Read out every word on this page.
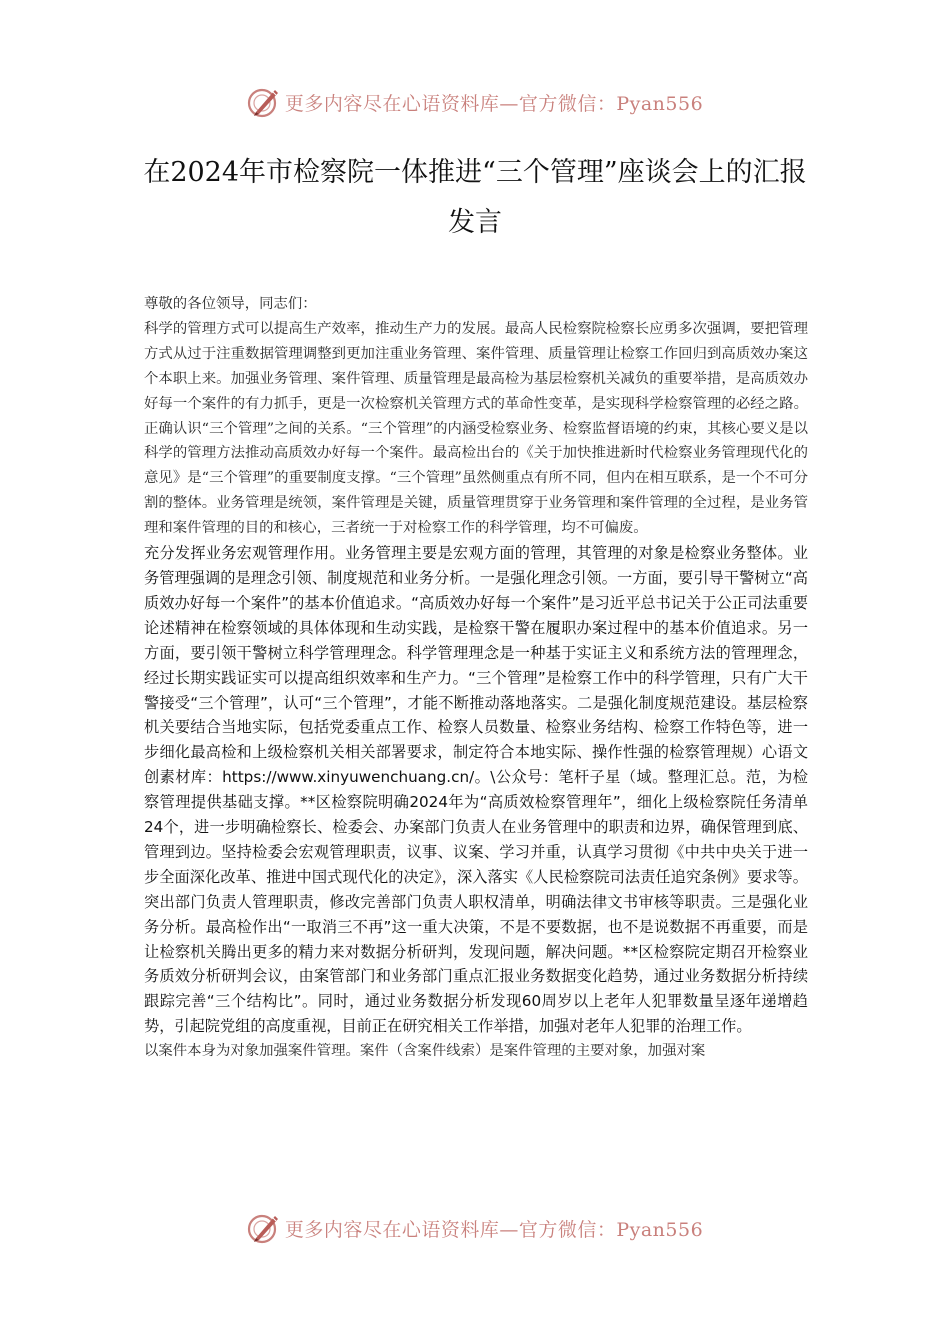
更多内容尽在心语资料库—官方微信：Pyan556
在2024年市检察院一体推进“三个管理”座谈会上的汇报发言

尊敬的各位领导，同志们：

科学的管理方式可以提高生产效率，推动生产力的发展。最高人民检察院检察长应勇多次强调，要把管理方式从过于注重数据管理调整到更加注重业务管理、案件管理、质量管理让检察工作回归到高质效办案这个本职上来。加强业务管理、案件管理、质量管理是最高检为基层检察机关减负的重要举措，是高质效办好每一个案件的有力抓手，更是一次检察机关管理方式的革命性变革，是实现科学检察管理的必经之路。正确认识“三个管理”之间的关系。“三个管理”的内涵受检察业务、检察监督语境的约束，其核心要义是以科学的管理方法推动高质效办好每一个案件。最高检出台的《关于加快推进新时代检察业务管理现代化的意见》是“三个管理”的重要制度支撑。“三个管理”虽然侧重点有所不同，但内在相互联系，是一个不可分割的整体。业务管理是统领，案件管理是关键，质量管理贯穿于业务管理和案件管理的全过程，是业务管理和案件管理的目的和核心，三者统一于对检察工作的科学管理，均不可偏废。

充分发挥业务宏观管理作用。业务管理主要是宏观方面的管理，其管理的对象是检察业务整体。业务管理强调的是理念引领、制度规范和业务分析。一是强化理念引领。一方面，要引导干警树立“高质效办好每一个案件”的基本价值追求。“高质效办好每一个案件”是习近平总书记关于公正司法重要论述精神在检察领域的具体体现和生动实践，是检察干警在履职办案过程中的基本价值追求。另一方面，要引领干警树立科学管理理念。科学管理理念是一种基于实证主义和系统方法的管理理念，经过长期实践证实可以提高组织效率和生产力。“三个管理”是检察工作中的科学管理，只有广大干警接受“三个管理”，认可“三个管理”，才能不断推动落地落实。二是强化制度规范建设。基层检察机关要结合当地实际，包括党委重点工作、检察人员数量、检察业务结构、检察工作特色等，进一步细化最高检和上级检察机关相关部署要求，制定符合本地实际、操作性强的检察管理规）心语文创素材库：https://www.xinyuwenchuang.cn/。\公众号：笔杆子星（域。整理汇总。范，为检察管理提供基础支撑。**区检察院明确2024年为“高质效检察管理年”，细化上级检察院任务清单24个，进一步明确检察长、检委会、办案部门负责人在业务管理中的职责和边界，确保管理到底、管理到边。坚持检委会宏观管理职责，议事、议案、学习并重，认真学习贯彻《中共中央关于进一步全面深化改革、推进中国式现代化的决定》，深入落实《人民检察院司法责任追究条例》要求等。突出部门负责人管理职责，修改完善部门负责人职权清单，明确法律文书审核等职责。三是强化业务分析。最高检作出“一取消三不再”这一重大决策，不是不要数据，也不是说数据不再重要，而是让检察机关腾出更多的精力来对数据分析研判，发现问题，解决问题。**区检察院定期召开检察业务质效分析研判会议，由案管部门和业务部门重点汇报业务数据变化趋势，通过业务数据分析持续跟踪完善“三个结构比”。同时，通过业务数据分析发现60周岁以上老年人犯罪数量呈逐年递增趋势，引起院党组的高度重视，目前正在研究相关工作举措，加强对老年人犯罪的治理工作。

以案件本身为对象加强案件管理。案件（含案件线索）是案件管理的主要对象，加强对案

更多内容尽在心语资料库—官方微信：Pyan556
